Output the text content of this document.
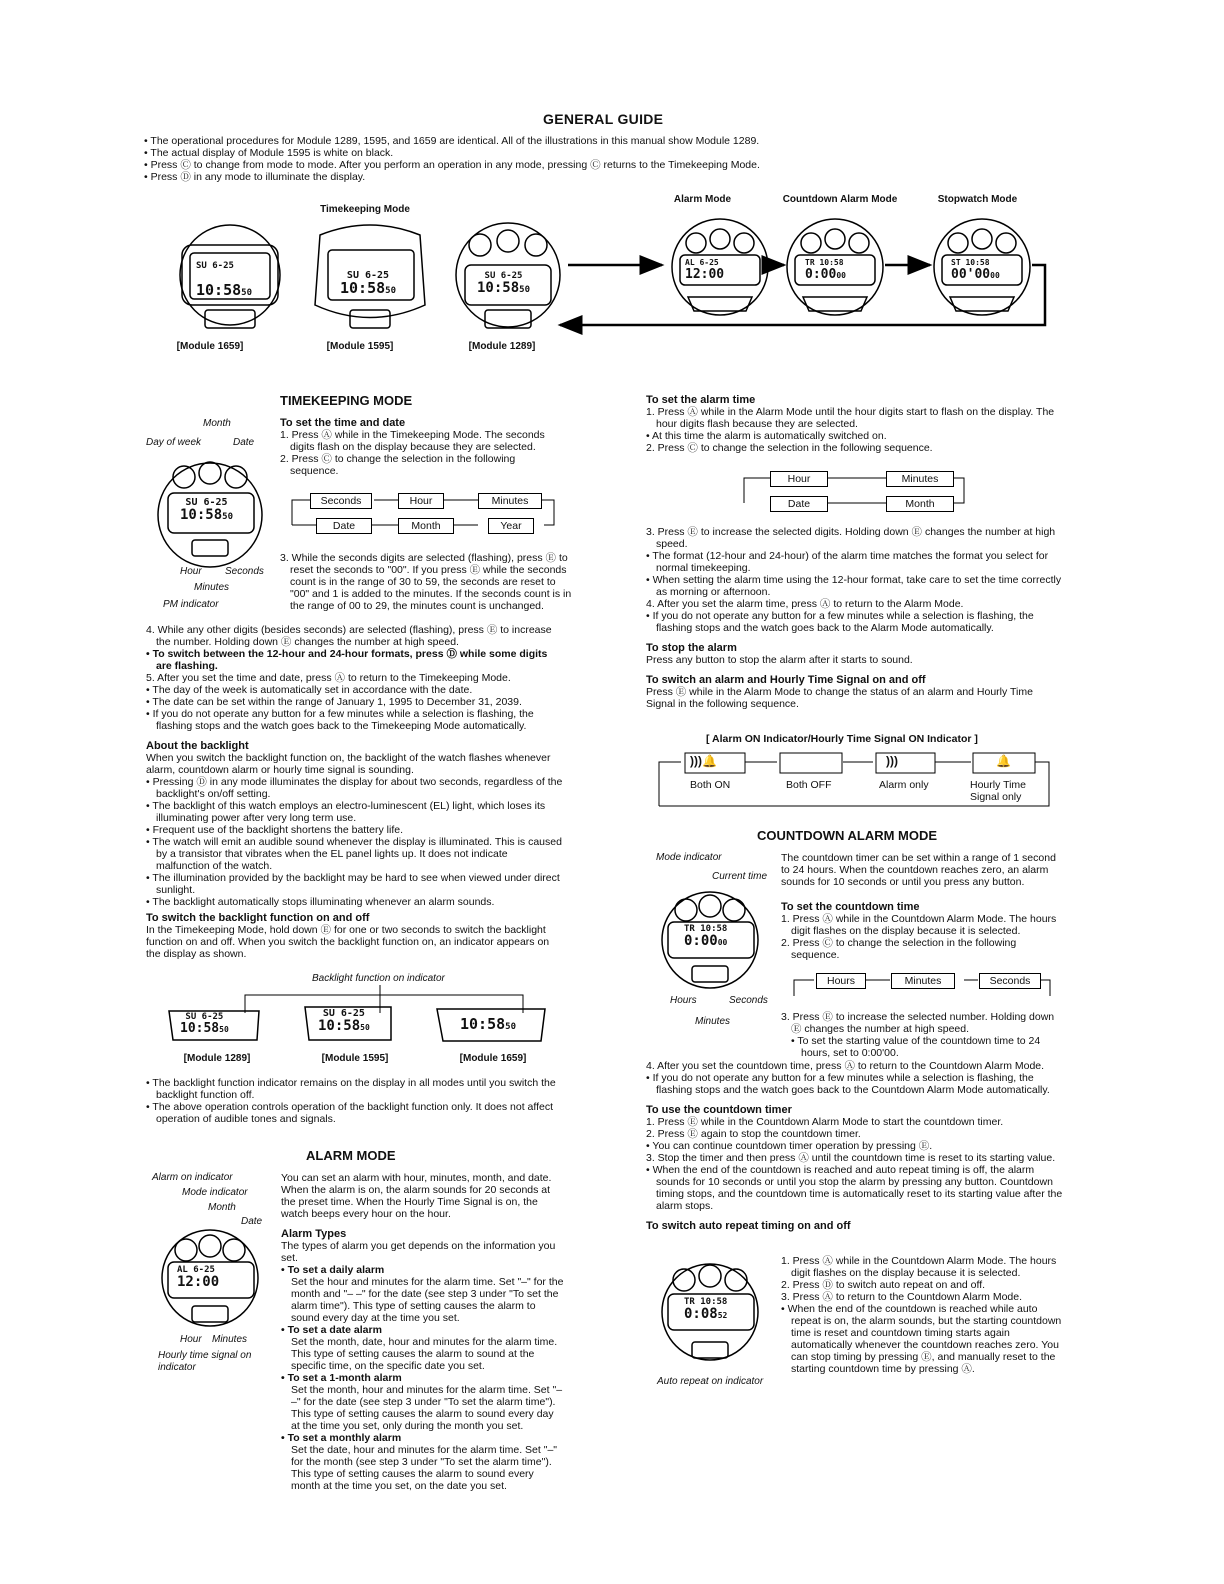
GENERAL GUIDE
• The operational procedures for Module 1289, 1595, and 1659 are identical. All of the illustrations in this manual show Module 1289.
• The actual display of Module 1595 is white on black.
• Press Ⓒ to change from mode to mode. After you perform an operation in any mode, pressing Ⓒ returns to the Timekeeping Mode.
• Press Ⓓ in any mode to illuminate the display.
Timekeeping Mode
Alarm Mode	Countdown Alarm Mode	Stopwatch Mode
SU 6-25
10:5850
SU 6-25
10:5850
SU 6-25
10:5850
AL 6-25
12:00
TR 10:58
0:0000
ST 10:58
00'0000
[Module 1659]	[Module 1595]	[Module 1289]
TIMEKEEPING MODE
Month
Day of week	Date
SU 6-25
10:5850
Hour Seconds
Minutes
PM indicator
To set the time and date

1. Press Ⓐ while in the Timekeeping Mode. The seconds digits flash on the display because they are selected.

2. Press Ⓒ to change the selection in the following sequence.

Seconds	Hour	Minutes
Date	Month	Year

3. While the seconds digits are selected (flashing), press Ⓔ to reset the seconds to "00". If you press Ⓔ while the seconds count is in the range of 30 to 59, the seconds are reset to "00" and 1 is added to the minutes. If the seconds count is in the range of 00 to 29, the minutes count is unchanged.

4. While any other digits (besides seconds) are selected (flashing), press Ⓔ to increase the number. Holding down Ⓔ changes the number at high speed.

• To switch between the 12-hour and 24-hour formats, press Ⓓ while some digits are flashing.

5. After you set the time and date, press Ⓐ to return to the Timekeeping Mode.

• The day of the week is automatically set in accordance with the date.

• The date can be set within the range of January 1, 1995 to December 31, 2039.

• If you do not operate any button for a few minutes while a selection is flashing, the flashing stops and the watch goes back to the Timekeeping Mode automatically.

About the backlight

When you switch the backlight function on, the backlight of the watch flashes whenever alarm, countdown alarm or hourly time signal is sounding.

• Pressing Ⓓ in any mode illuminates the display for about two seconds, regardless of the backlight's on/off setting.

• The backlight of this watch employs an electro-luminescent (EL) light, which loses its illuminating power after very long term use.

• Frequent use of the backlight shortens the battery life.

• The watch will emit an audible sound whenever the display is illuminated. This is caused by a transistor that vibrates when the EL panel lights up. It does not indicate malfunction of the watch.

• The illumination provided by the backlight may be hard to see when viewed under direct sunlight.

• The backlight automatically stops illuminating whenever an alarm sounds.

To switch the backlight function on and off

In the Timekeeping Mode, hold down Ⓔ for one or two seconds to switch the backlight function on and off. When you switch the backlight function on, an indicator appears on the display as shown.

Backlight function on indicator
SU 6-25
10:5850
SU 6-25
10:5850	10:5850
[Module 1289]	[Module 1595]	[Module 1659]

• The backlight function indicator remains on the display in all modes until you switch the backlight function off.

• The above operation controls operation of the backlight function only. It does not affect operation of audible tones and signals.

ALARM MODE
Alarm on indicator
Mode indicator
Month
Date
AL 6-25
12:00
Hour Minutes
Hourly time signal on indicator

You can set an alarm with hour, minutes, month, and date. When the alarm is on, the alarm sounds for 20 seconds at the preset time. When the Hourly Time Signal is on, the watch beeps every hour on the hour.

Alarm Types

The types of alarm you get depends on the information you set.

• To set a daily alarm

Set the hour and minutes for the alarm time. Set "–" for the month and "– –" for the date (see step 3 under "To set the alarm time"). This type of setting causes the alarm to sound every day at the time you set.

• To set a date alarm

Set the month, date, hour and minutes for the alarm time. This type of setting causes the alarm to sound at the specific time, on the specific date you set.

• To set a 1-month alarm

Set the month, hour and minutes for the alarm time. Set "– –" for the date (see step 3 under "To set the alarm time"). This type of setting causes the alarm to sound every day at the time you set, only during the month you set.

• To set a monthly alarm

Set the date, hour and minutes for the alarm time. Set "–" for the month (see step 3 under "To set the alarm time"). This type of setting causes the alarm to sound every month at the time you set, on the date you set.

To set the alarm time

1. Press Ⓐ while in the Alarm Mode until the hour digits start to flash on the display. The hour digits flash because they are selected.

• At this time the alarm is automatically switched on.

2. Press Ⓒ to change the selection in the following sequence.

Hour	Minutes
Date	Month

3. Press Ⓔ to increase the selected digits. Holding down Ⓔ changes the number at high speed.

• The format (12-hour and 24-hour) of the alarm time matches the format you select for normal timekeeping.

• When setting the alarm time using the 12-hour format, take care to set the time correctly as morning or afternoon.

4. After you set the alarm time, press Ⓐ to return to the Alarm Mode.

• If you do not operate any button for a few minutes while a selection is flashing, the flashing stops and the watch goes back to the Alarm Mode automatically.

To stop the alarm

Press any button to stop the alarm after it starts to sound.

To switch an alarm and Hourly Time Signal on and off

Press Ⓔ while in the Alarm Mode to change the status of an alarm and Hourly Time Signal in the following sequence.

[ Alarm ON Indicator/Hourly Time Signal ON Indicator ]
)))🔔	)))	🔔
Both ON	Both OFF	Alarm only	Hourly Time Signal only
COUNTDOWN ALARM MODE
Mode indicator
Current time

The countdown timer can be set within a range of 1 second to 24 hours. When the countdown reaches zero, an alarm sounds for 10 seconds or until you press any button.

TR 10:58
0:0000
Hours	Seconds
Minutes
To set the countdown time

1. Press Ⓐ while in the Countdown Alarm Mode. The hours digit flashes on the display because it is selected.

2. Press Ⓒ to change the selection in the following sequence.

Hours	Minutes	Seconds

3. Press Ⓔ to increase the selected number. Holding down Ⓔ changes the number at high speed.

• To set the starting value of the countdown time to 24 hours, set to 0:00'00.

4. After you set the countdown time, press Ⓐ to return to the Countdown Alarm Mode.

• If you do not operate any button for a few minutes while a selection is flashing, the flashing stops and the watch goes back to the Countdown Alarm Mode automatically.

To use the countdown timer

1. Press Ⓔ while in the Countdown Alarm Mode to start the countdown timer.

2. Press Ⓔ again to stop the countdown timer.

• You can continue countdown timer operation by pressing Ⓔ.

3. Stop the timer and then press Ⓐ until the countdown time is reset to its starting value.

• When the end of the countdown is reached and auto repeat timing is off, the alarm sounds for 10 seconds or until you stop the alarm by pressing any button. Countdown timing stops, and the countdown time is automatically reset to its starting value after the alarm stops.

To switch auto repeat timing on and off
TR 10:58
0:0852
Auto repeat on indicator

1. Press Ⓐ while in the Countdown Alarm Mode. The hours digit flashes on the display because it is selected.

2. Press Ⓓ to switch auto repeat on and off.

3. Press Ⓐ to return to the Countdown Alarm Mode.

• When the end of the countdown is reached while auto repeat is on, the alarm sounds, but the starting countdown time is reset and countdown timing starts again automatically whenever the countdown reaches zero. You can stop timing by pressing Ⓔ, and manually reset to the starting countdown time by pressing Ⓐ.
